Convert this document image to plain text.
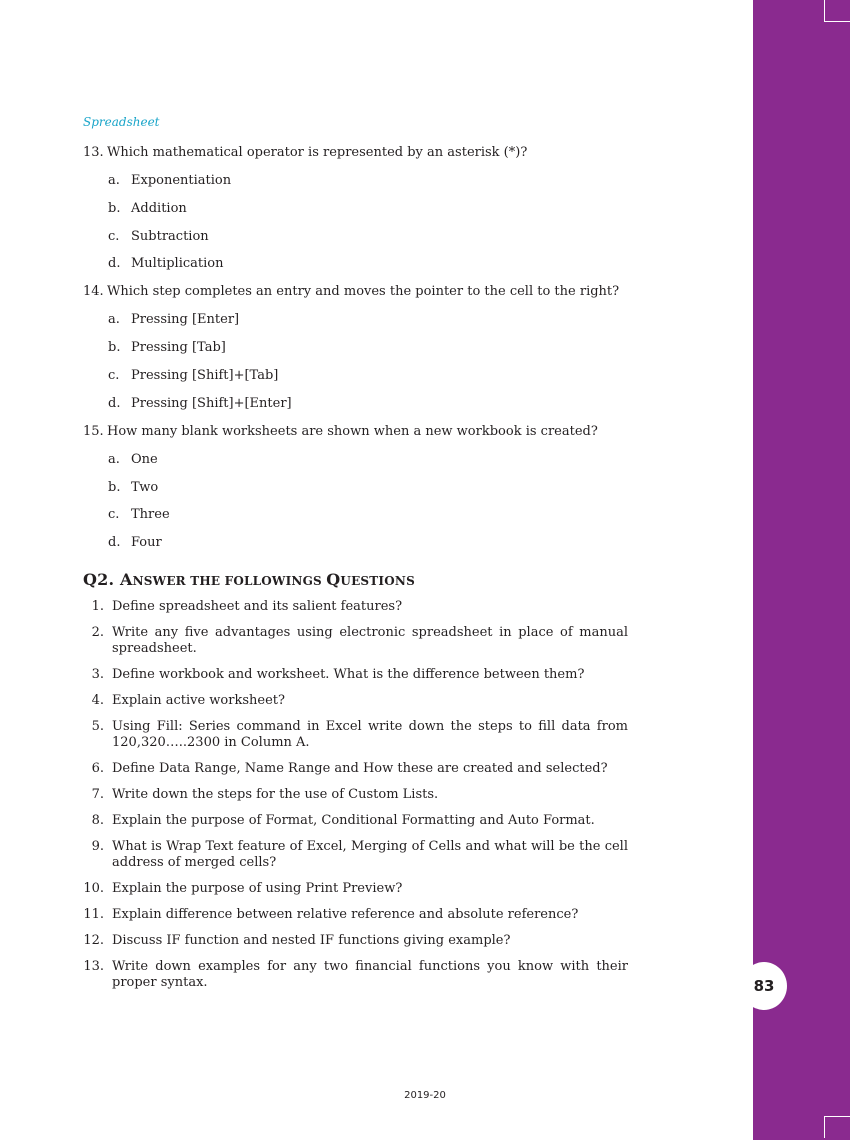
83
Spreadsheet
13. Which mathematical operator is represented by an asterisk (*)?
a. Exponentiation
b. Addition
c. Subtraction
d. Multiplication
14. Which step completes an entry and moves the pointer to the cell to the right?
a. Pressing [Enter]
b. Pressing [Tab]
c. Pressing [Shift]+[Tab]
d. Pressing [Shift]+[Enter]
15. How many blank worksheets are shown when a new workbook is created?
a. One
b. Two
c. Three
d. Four
Q2. ANSWER THE FOLLOWINGS QUESTIONS
1. Define spreadsheet and its salient features?
2. Write any five advantages using electronic spreadsheet in place of manual spreadsheet.
3. Define workbook and worksheet. What is the difference between them?
4. Explain active worksheet?
5. Using Fill: Series command in Excel write down the steps to fill data from 120,320…..2300 in Column A.
6. Define Data Range, Name Range and How these are created and selected?
7. Write down the steps for the use of Custom Lists.
8. Explain the purpose of Format, Conditional Formatting and Auto Format.
9. What is Wrap Text feature of Excel, Merging of Cells and what will be the cell address of merged cells?
10. Explain the purpose of using Print Preview?
11. Explain difference between relative reference and absolute reference?
12. Discuss IF function and nested IF functions giving example?
13. Write down examples for any two financial functions you know with their proper syntax.
2019-20
